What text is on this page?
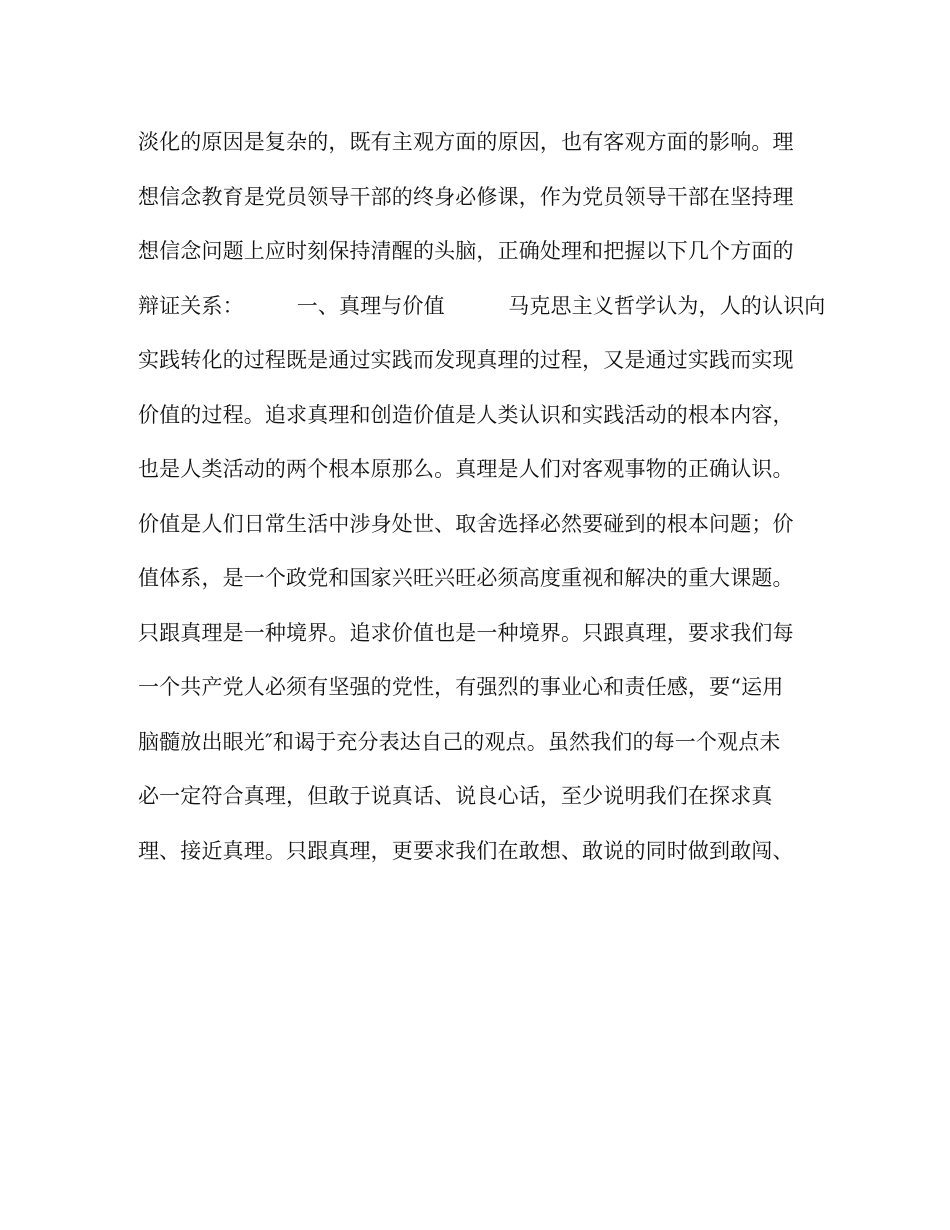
淡化的原因是复杂的，既有主观方面的原因，也有客观方面的影响。理
想信念教育是党员领导干部的终身必修课，作为党员领导干部在坚持理
想信念问题上应时刻保持清醒的头脑，正确处理和把握以下几个方面的
辩证关系：　　　一、真理与价值　　　马克思主义哲学认为，人的认识向
实践转化的过程既是通过实践而发现真理的过程，又是通过实践而实现
价值的过程。追求真理和创造价值是人类认识和实践活动的根本内容，
也是人类活动的两个根本原那么。真理是人们对客观事物的正确认识。
价值是人们日常生活中涉身处世、取舍选择必然要碰到的根本问题；价
值体系，是一个政党和国家兴旺兴旺必须高度重视和解决的重大课题。
只跟真理是一种境界。追求价值也是一种境界。只跟真理，要求我们每
一个共产党人必须有坚强的党性，有强烈的事业心和责任感，要“运用
脑髓放出眼光″和谒于充分表达自己的观点。虽然我们的每一个观点未
必一定符合真理，但敢于说真话、说良心话，至少说明我们在探求真
理、接近真理。只跟真理，更要求我们在敢想、敢说的同时做到敢闯、
